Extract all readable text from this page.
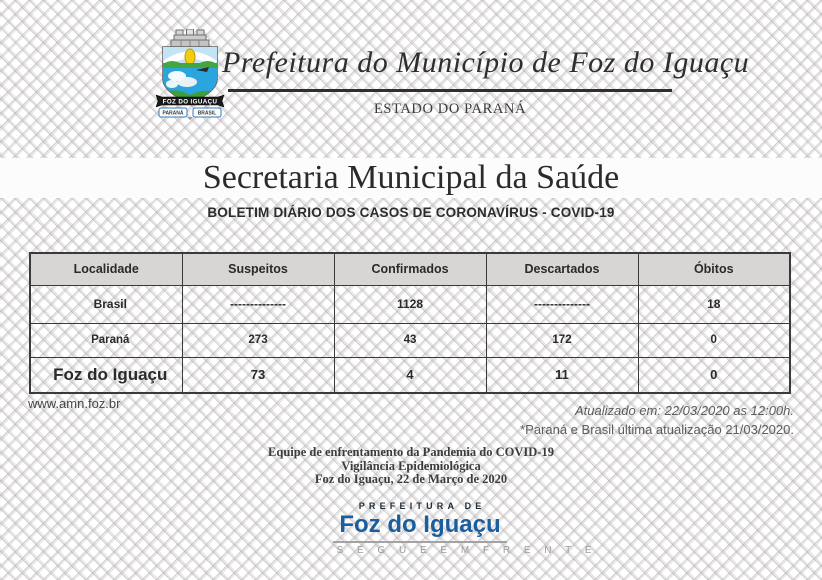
FOZ DO IGUAÇU
PARANÁ	BRASIL
Prefeitura do Município de Foz do Iguaçu
ESTADO DO PARANÁ
Secretaria Municipal da Saúde
BOLETIM DIÁRIO DOS CASOS DE CORONAVÍRUS - COVID-19
Localidade	Suspeitos	Confirmados	Descartados	Óbitos
Brasil	--------------	1128	--------------	18
Paraná	273	43	172	0
Foz do Iguaçu	73	4	11	0
www.amn.foz.br	Atualizado em: 22/03/2020 as 12:00h.
*Paraná e Brasil última atualização 21/03/2020.
Equipe de enfrentamento da Pandemia do COVID-19
Vigilância Epidemiológica
Foz do Iguaçu, 22 de Março de 2020
PREFEITURA DE
Foz do Iguaçu
S E G U E E M F R E N T E
